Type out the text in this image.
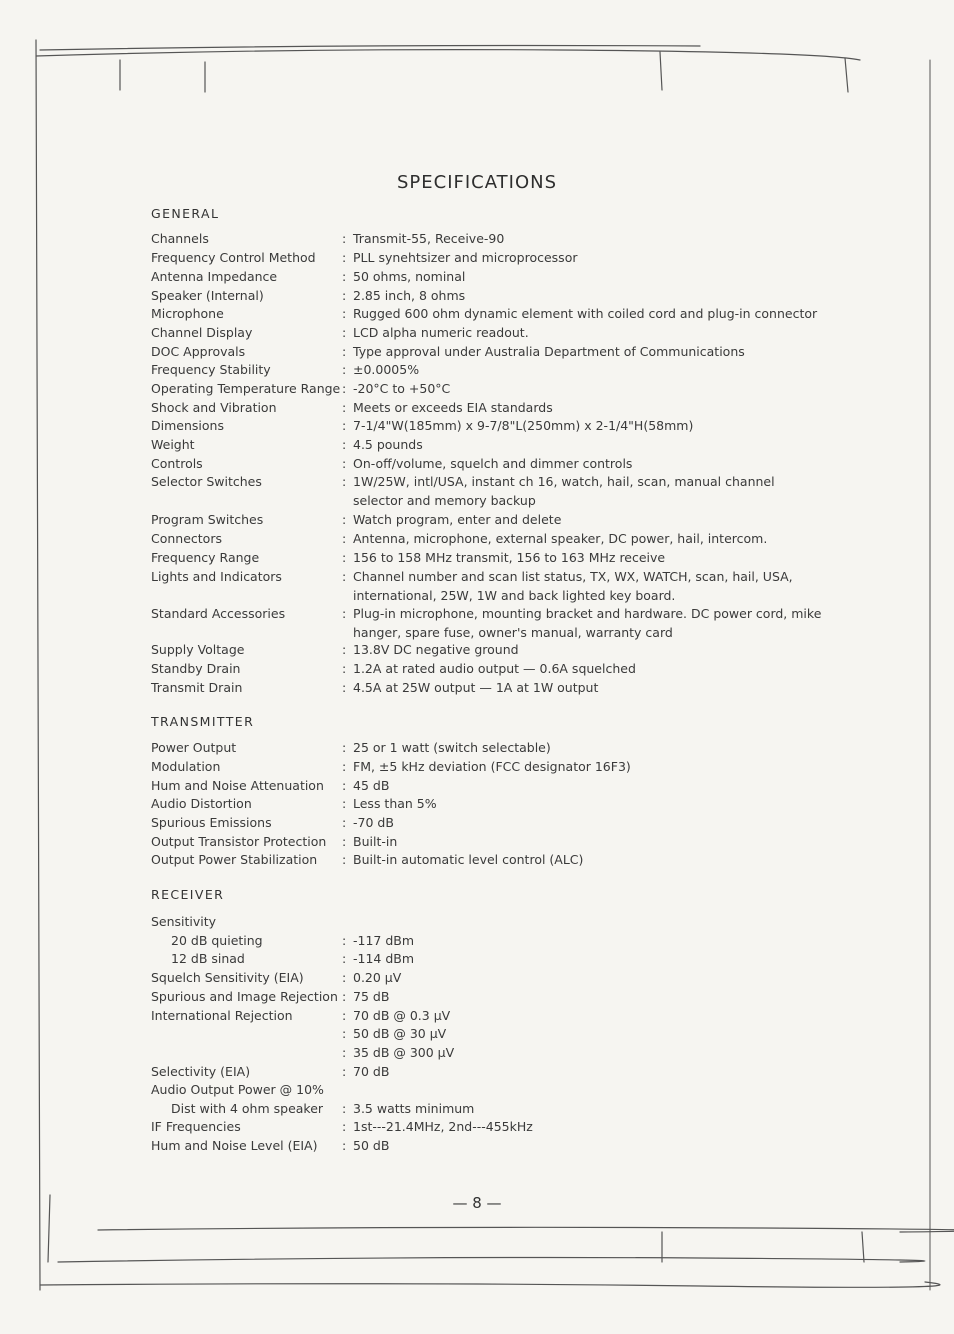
SPECIFICATIONS
GENERAL
Channels	: Transmit-55, Receive-90
Frequency Control Method	: PLL synehtsizer and microprocessor
Antenna Impedance	: 50 ohms, nominal
Speaker (Internal)	: 2.85 inch, 8 ohms
Microphone	: Rugged 600 ohm dynamic element with coiled cord and plug-in connector
Channel Display	: LCD alpha numeric readout.
DOC Approvals	: Type approval under Australia Department of Communications
Frequency Stability	: ±0.0005%
Operating Temperature Range	: -20°C to +50°C
Shock and Vibration	: Meets or exceeds EIA standards
Dimensions	: 7-1/4"W(185mm) x 9-7/8"L(250mm) x 2-1/4"H(58mm)
Weight	: 4.5 pounds
Controls	: On-off/volume, squelch and dimmer controls
Selector Switches	: 1W/25W, intl/USA, instant ch 16, watch, hail, scan, manual channel selector and memory backup
Program Switches	: Watch program, enter and delete
Connectors	: Antenna, microphone, external speaker, DC power, hail, intercom.
Frequency Range	: 156 to 158 MHz transmit, 156 to 163 MHz receive
Lights and Indicators	: Channel number and scan list status, TX, WX, WATCH, scan, hail, USA, international, 25W, 1W and back lighted key board.
Standard Accessories	: Plug-in microphone, mounting bracket and hardware. DC power cord, mike hanger, spare fuse, owner's manual, warranty card
Supply Voltage	: 13.8V DC negative ground
Standby Drain	: 1.2A at rated audio output — 0.6A squelched
Transmit Drain	: 4.5A at 25W output — 1A at 1W output
TRANSMITTER
Power Output	: 25 or 1 watt (switch selectable)
Modulation	: FM, ±5 kHz deviation (FCC designator 16F3)
Hum and Noise Attenuation	: 45 dB
Audio Distortion	: Less than 5%
Spurious Emissions	: -70 dB
Output Transistor Protection	: Built-in
Output Power Stabilization	: Built-in automatic level control (ALC)
RECEIVER
Sensitivity
20 dB quieting	: -117 dBm
12 dB sinad	: -114 dBm
Squelch Sensitivity (EIA)	: 0.20 µV
Spurious and Image Rejection	: 75 dB
International Rejection	: 70 dB @ 0.3 µV
: 50 dB @ 30 µV
: 35 dB @ 300 µV
Selectivity (EIA)	: 70 dB
Audio Output Power @ 10%
Dist with 4 ohm speaker	: 3.5 watts minimum
IF Frequencies	: 1st---21.4MHz, 2nd---455kHz
Hum and Noise Level (EIA)	: 50 dB
— 8 —
